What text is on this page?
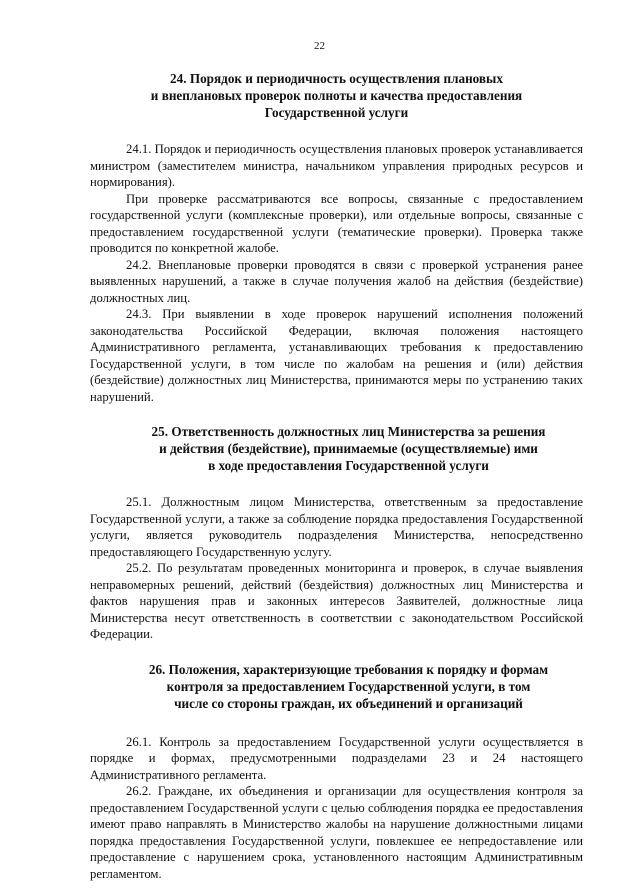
22
24. Порядок и периодичность осуществления плановых
и внеплановых проверок полноты и качества предоставления
Государственной услуги

24.1. Порядок и периодичность осуществления плановых проверок устанавливается министром (заместителем министра, начальником управления природных ресурсов и нормирования).

При проверке рассматриваются все вопросы, связанные с предоставлением государственной услуги (комплексные проверки), или отдельные вопросы, связанные с предоставлением государственной услуги (тематические проверки). Проверка также проводится по конкретной жалобе.

24.2. Внеплановые проверки проводятся в связи с проверкой устранения ранее выявленных нарушений, а также в случае получения жалоб на действия (бездействие) должностных лиц.

24.3. При выявлении в ходе проверок нарушений исполнения положений законодательства Российской Федерации, включая положения настоящего Административного регламента, устанавливающих требования к предоставлению Государственной услуги, в том числе по жалобам на решения и (или) действия (бездействие) должностных лиц Министерства, принимаются меры по устранению таких нарушений.

25. Ответственность должностных лиц Министерства за решения
и действия (бездействие), принимаемые (осуществляемые) ими
в ходе предоставления Государственной услуги

25.1. Должностным лицом Министерства, ответственным за предоставление Государственной услуги, а также за соблюдение порядка предоставления Государственной услуги, является руководитель подразделения Министерства, непосредственно предоставляющего Государственную услугу.

25.2. По результатам проведенных мониторинга и проверок, в случае выявления неправомерных решений, действий (бездействия) должностных лиц Министерства и фактов нарушения прав и законных интересов Заявителей, должностные лица Министерства несут ответственность в соответствии с законодательством Российской Федерации.

26. Положения, характеризующие требования к порядку и формам
контроля за предоставлением Государственной услуги, в том
числе со стороны граждан, их объединений и организаций

26.1. Контроль за предоставлением Государственной услуги осуществляется в порядке и формах, предусмотренными подразделами 23 и 24 настоящего Административного регламента.

26.2. Граждане, их объединения и организации для осуществления контроля за предоставлением Государственной услуги с целью соблюдения порядка ее предоставления имеют право направлять в Министерство жалобы на нарушение должностными лицами порядка предоставления Государственной услуги, повлекшее ее непредоставление или предоставление с нарушением срока, установленного настоящим Административным регламентом.
